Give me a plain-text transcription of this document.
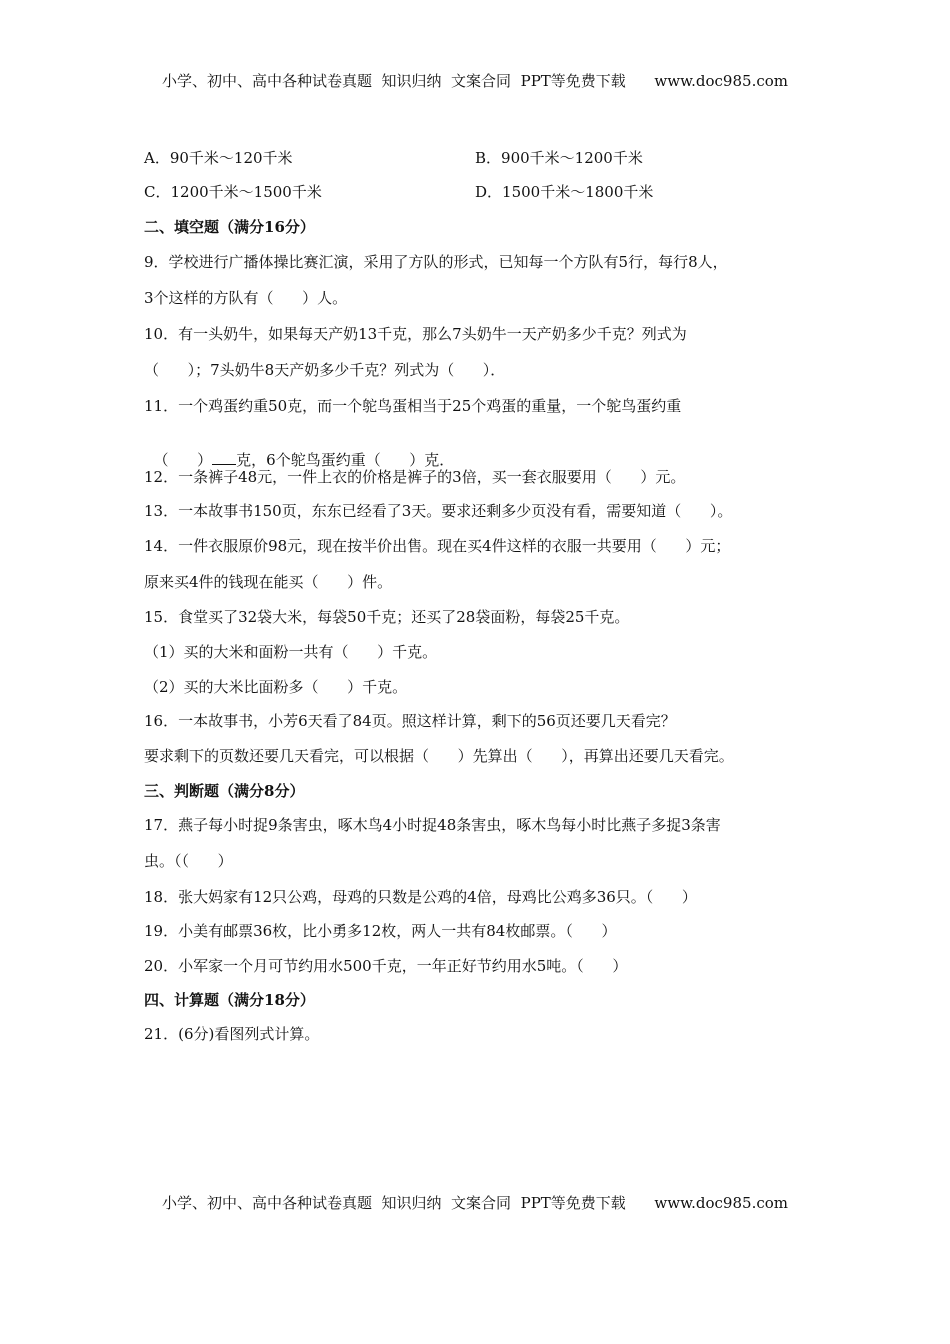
小学、初中、高中各种试卷真题  知识归纳  文案合同  PPT等免费下载      www.doc985.com
A．90千米～120千米	B．900千米～1200千米
C．1200千米～1500千米	D．1500千米～1800千米
二、填空题（满分16分）
9．学校进行广播体操比赛汇演，采用了方队的形式，已知每一个方队有5行，每行8人，
3个这样的方队有（      ）人。
10．有一头奶牛，如果每天产奶13千克，那么7头奶牛一天产奶多少千克？列式为
（      ）；7头奶牛8天产奶多少千克？列式为（      ）．
11．一个鸡蛋约重50克，而一个鸵鸟蛋相当于25个鸡蛋的重量，一个鸵鸟蛋约重

（      ） 克，6个鸵鸟蛋约重（      ）克．

12．一条裤子48元，一件上衣的价格是裤子的3倍，买一套衣服要用（      ）元。
13．一本故事书150页，东东已经看了3天。要求还剩多少页没有看，需要知道（      ）。
14．一件衣服原价98元，现在按半价出售。现在买4件这样的衣服一共要用（      ）元；
原来买4件的钱现在能买（      ）件。
15．食堂买了32袋大米，每袋50千克；还买了28袋面粉，每袋25千克。
（1）买的大米和面粉一共有（      ）千克。
（2）买的大米比面粉多（      ）千克。
16．一本故事书，小芳6天看了84页。照这样计算，剩下的56页还要几天看完？
要求剩下的页数还要几天看完，可以根据（      ）先算出（      ），再算出还要几天看完。
三、判断题（满分8分）
17．燕子每小时捉9条害虫，啄木鸟4小时捉48条害虫，啄木鸟每小时比燕子多捉3条害
虫。（（      ）
18．张大妈家有12只公鸡，母鸡的只数是公鸡的4倍，母鸡比公鸡多36只。（      ）
19．小美有邮票36枚，比小勇多12枚，两人一共有84枚邮票。（      ）
20．小军家一个月可节约用水500千克，一年正好节约用水5吨。（      ）
四、计算题（满分18分）
21．(6分)看图列式计算。
小学、初中、高中各种试卷真题  知识归纳  文案合同  PPT等免费下载      www.doc985.com
